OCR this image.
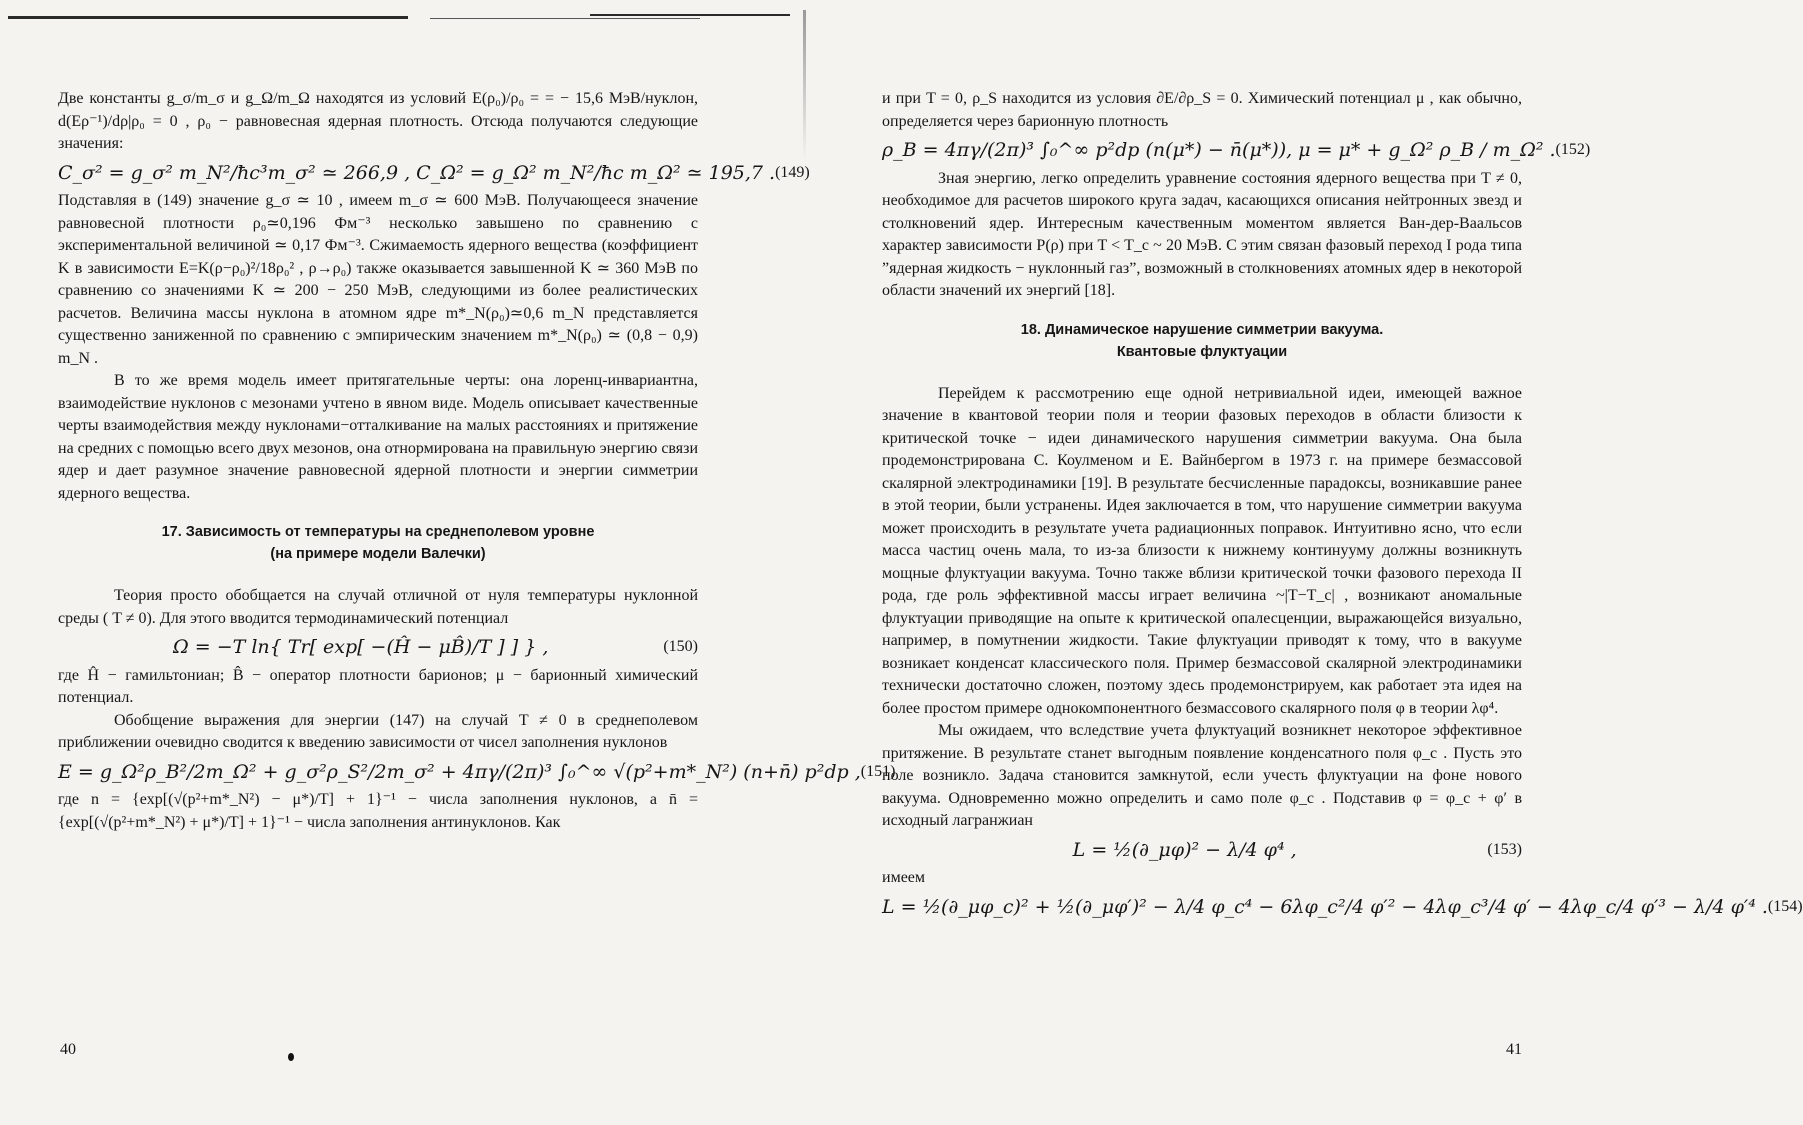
Две константы g_σ/m_σ и g_Ω/m_Ω находятся из условий E(ρ₀)/ρ₀ = = − 15,6 МэВ/нуклон, d(Eρ⁻¹)/dρ|ρ₀ = 0 , ρ₀ − равновесная ядерная плотность. Отсюда получаются следующие значения:

C_σ² = g_σ² m_N²/ħc³m_σ² ≃ 266,9 , C_Ω² = g_Ω² m_N²/ħc m_Ω² ≃ 195,7 . (149)

Подставляя в (149) значение g_σ ≃ 10 , имеем m_σ ≃ 600 МэВ. Получающееся значение равновесной плотности ρ₀≃0,196 Фм⁻³ несколько завышено по сравнению с экспериментальной величиной ≃ 0,17 Фм⁻³. Сжимаемость ядерного вещества (коэффициент K в зависимости E=K(ρ−ρ₀)²/18ρ₀² , ρ→ρ₀) также оказывается завышенной K ≃ 360 МэВ по сравнению со значениями K ≃ 200 − 250 МэВ, следующими из более реалистических расчетов. Величина массы нуклона в атомном ядре m*_N(ρ₀)≃0,6 m_N представляется существенно заниженной по сравнению с эмпирическим значением m*_N(ρ₀) ≃ (0,8 − 0,9) m_N .

В то же время модель имеет притягательные черты: она лоренц-инвариантна, взаимодействие нуклонов с мезонами учтено в явном виде. Модель описывает качественные черты взаимодействия между нуклонами−отталкивание на малых расстояниях и притяжение на средних с помощью всего двух мезонов, она отнормирована на правильную энергию связи ядер и дает разумное значение равновесной ядерной плотности и энергии симметрии ядерного вещества.

17. Зависимость от температуры на среднеполевом уровне
(на примере модели Валечки)

Теория просто обобщается на случай отличной от нуля температуры нуклонной среды ( T ≠ 0). Для этого вводится термодинамический потенциал

Ω = −T ln{ Tr[ exp[ −(Ĥ − μB̂)/T ] ] } ,	(150)

где Ĥ − гамильтониан; B̂ − оператор плотности барионов; μ − барионный химический потенциал.

Обобщение выражения для энергии (147) на случай T ≠ 0 в среднеполевом приближении очевидно сводится к введению зависимости от чисел заполнения нуклонов

E = g_Ω²ρ_B²/2m_Ω² + g_σ²ρ_S²/2m_σ² + 4πγ/(2π)³ ∫₀^∞ √(p²+m*_N²) (n+n̄) p²dp , (151)

где n = {exp[(√(p²+m*_N²) − μ*)/T] + 1}⁻¹ − числа заполнения нуклонов, а n̄ = {exp[(√(p²+m*_N²) + μ*)/T] + 1}⁻¹ − числа заполнения антинуклонов. Как

40

и при T = 0, ρ_S находится из условия ∂E/∂ρ_S = 0. Химический потенциал μ , как обычно, определяется через барионную плотность

ρ_B = 4πγ/(2π)³ ∫₀^∞ p²dp (n(μ*) − n̄(μ*)), μ = μ* + g_Ω² ρ_B / m_Ω² . (152)

Зная энергию, легко определить уравнение состояния ядерного вещества при T ≠ 0, необходимое для расчетов широкого круга задач, касающихся описания нейтронных звезд и столкновений ядер. Интересным качественным моментом является Ван-дер-Ваальсов характер зависимости P(ρ) при T < T_c ~ 20 МэВ. С этим связан фазовый переход I рода типа ”ядерная жидкость − нуклонный газ”, возможный в столкновениях атомных ядер в некоторой области значений их энергий [18].

18. Динамическое нарушение симметрии вакуума.
Квантовые флуктуации

Перейдем к рассмотрению еще одной нетривиальной идеи, имеющей важное значение в квантовой теории поля и теории фазовых переходов в области близости к критической точке − идеи динамического нарушения симметрии вакуума. Она была продемонстрирована С. Коулменом и Е. Вайнбергом в 1973 г. на примере безмассовой скалярной электродинамики [19]. В результате бесчисленные парадоксы, возникавшие ранее в этой теории, были устранены. Идея заключается в том, что нарушение симметрии вакуума может происходить в результате учета радиационных поправок. Интуитивно ясно, что если масса частиц очень мала, то из-за близости к нижнему континууму должны возникнуть мощные флуктуации вакуума. Точно также вблизи критической точки фазового перехода II рода, где роль эффективной массы играет величина ~|T−T_c| , возникают аномальные флуктуации приводящие на опыте к критической опалесценции, выражающейся визуально, например, в помутнении жидкости. Такие флуктуации приводят к тому, что в вакууме возникает конденсат классического поля. Пример безмассовой скалярной электродинамики технически достаточно сложен, поэтому здесь продемонстрируем, как работает эта идея на более простом примере однокомпонентного безмассового скалярного поля φ в теории λφ⁴.

Мы ожидаем, что вследствие учета флуктуаций возникнет некоторое эффективное притяжение. В результате станет выгодным появление конденсатного поля φ_c . Пусть это поле возникло. Задача становится замкнутой, если учесть флуктуации на фоне нового вакуума. Одновременно можно определить и само поле φ_c . Подставив φ = φ_c + φ′ в исходный лагранжиан

L = ½(∂_μφ)² − λ/4 φ⁴ ,	(153)

имеем

L = ½(∂_μφ_c)² + ½(∂_μφ′)² − λ/4 φ_c⁴ − 6λφ_c²/4 φ′² − 4λφ_c³/4 φ′ − 4λφ_c/4 φ′³ − λ/4 φ′⁴ . (154)
41
